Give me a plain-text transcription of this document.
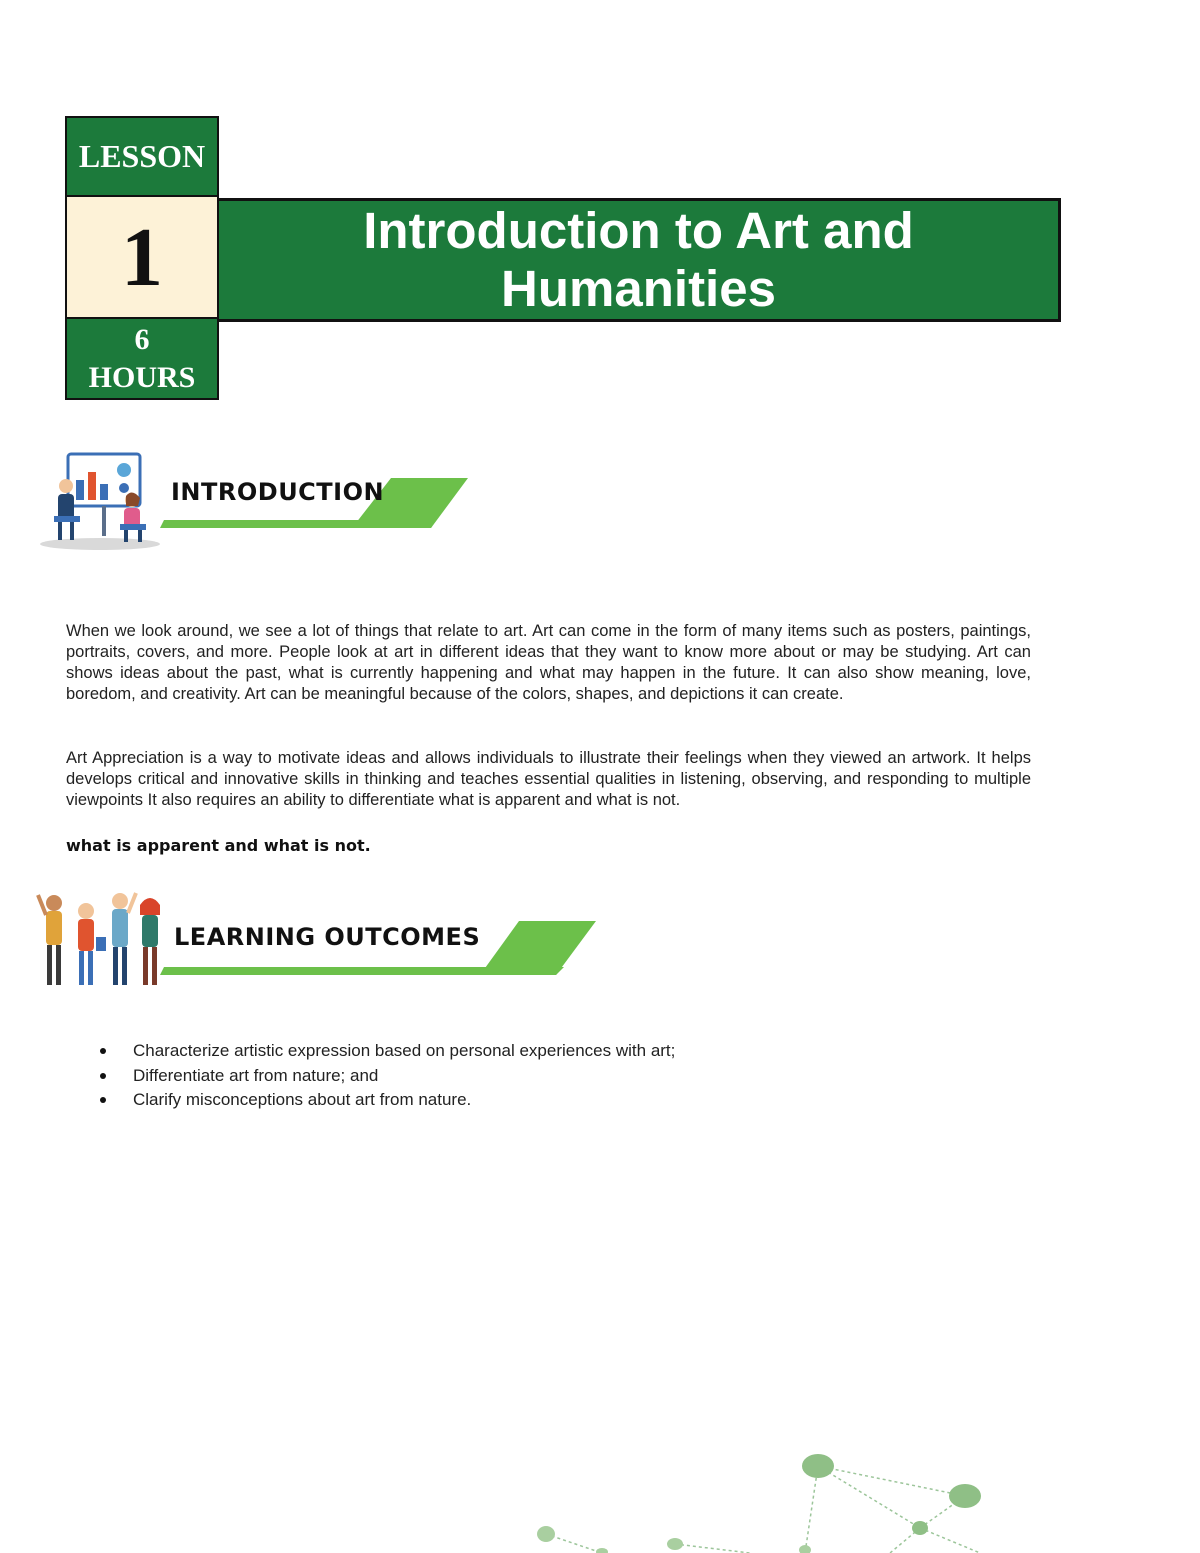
LESSON
1
6
HOURS
Introduction to Art and Humanities
INTRODUCTION

When we look around, we see a lot of things that relate to art. Art can come in the form of many items such as posters, paintings, portraits, covers, and more. People look at art in different ideas that they want to know more about or may be studying. Art can shows ideas about the past, what is currently happening and what may happen in the future. It can also show meaning, love, boredom, and creativity. Art can be meaningful because of the colors, shapes, and depictions it can create.

Art Appreciation is a way to motivate ideas and allows individuals to illustrate their feelings when they viewed an artwork. It helps develops critical and innovative skills in thinking and teaches essential qualities in listening, observing, and responding to multiple viewpoints It also requires an ability to differentiate what is apparent and what is not.

what is apparent and what is not.
LEARNING OUTCOMES
Characterize artistic expression based on personal experiences with art;
Differentiate art from nature; and
Clarify misconceptions about art from nature.
